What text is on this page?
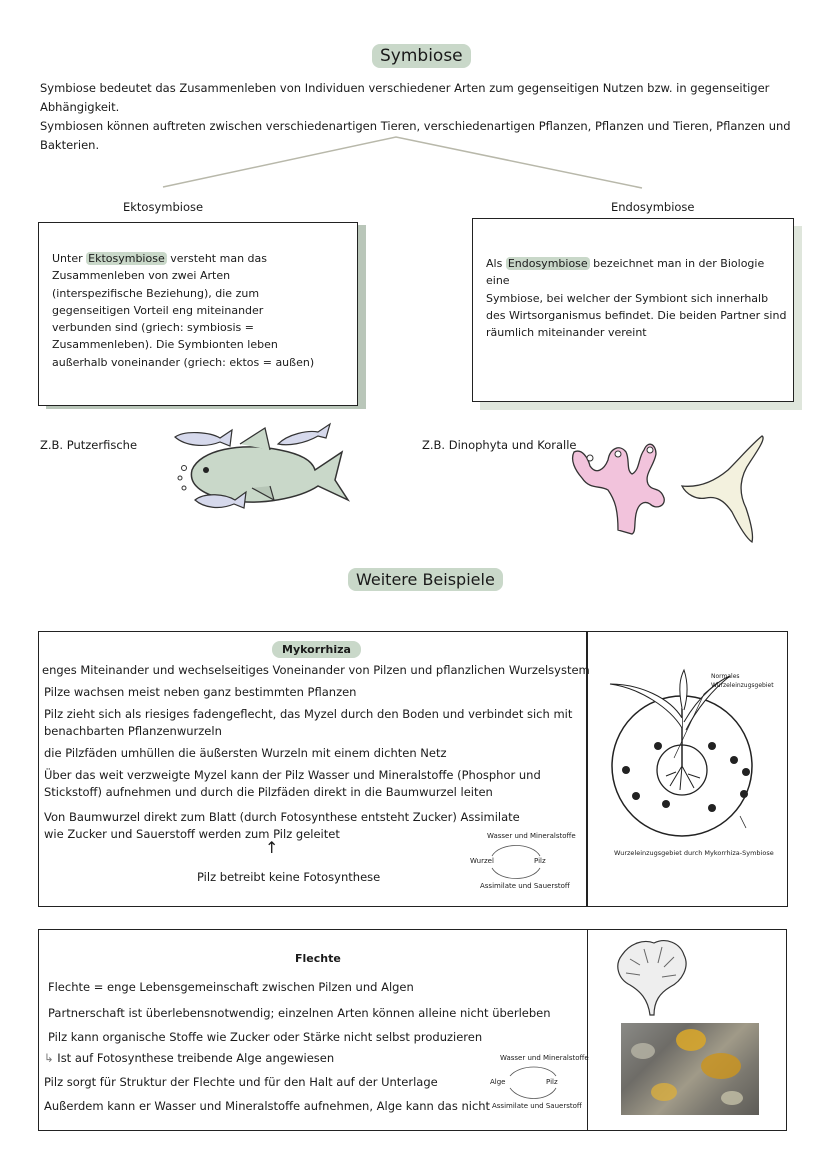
Symbiose

Symbiose bedeutet das Zusammenleben von Individuen verschiedener Arten zum gegenseitigen Nutzen bzw. in gegenseitiger Abhängigkeit.

Symbiosen können auftreten zwischen verschiedenartigen Tieren, verschiedenartigen Pflanzen, Pflanzen und Tieren, Pflanzen und

Bakterien.

Ektosymbiose	Endosymbiose
Unter Ektosymbiose versteht man das
Zusammenleben von zwei Arten
(interspezifische Beziehung), die zum
gegenseitigen Vorteil eng miteinander
verbunden sind (griech: symbiosis =
Zusammenleben). Die Symbionten leben
außerhalb voneinander (griech: ektos = außen)
Als Endosymbiose bezeichnet man in der Biologie eine
Symbiose, bei welcher der Symbiont sich innerhalb
des Wirtsorganismus befindet. Die beiden Partner sind
räumlich miteinander vereint
Z.B. Putzerfische	Z.B. Dinophyta und Koralle
Weitere Beispiele
Mykorrhiza
enges Miteinander und wechselseitiges Voneinander von Pilzen und pflanzlichen Wurzelsystem
Pilze wachsen meist neben ganz bestimmten Pflanzen
Pilz zieht sich als riesiges fadengeflecht, das Myzel durch den Boden und verbindet sich mit
benachbarten Pflanzenwurzeln
die Pilzfäden umhüllen die äußersten Wurzeln mit einem dichten Netz
Über das weit verzweigte Myzel kann der Pilz Wasser und Mineralstoffe (Phosphor und
Stickstoff) aufnehmen und durch die Pilzfäden direkt in die Baumwurzel leiten
Von Baumwurzel direkt zum Blatt (durch Fotosynthese entsteht Zucker) Assimilate
wie Zucker und Sauerstoff werden zum Pilz geleitet
↑
Pilz betreibt keine Fotosynthese
Wasser und Mineralstoffe
Wurzel	Pilz
Assimilate und Sauerstoff
Normales
Wurzeleinzugsgebiet
Wurzeleinzugsgebiet durch Mykorrhiza-Symbiose
Flechte
Flechte = enge Lebensgemeinschaft zwischen Pilzen und Algen
Partnerschaft ist überlebensnotwendig; einzelnen Arten können alleine nicht überleben
Pilz kann organische Stoffe wie Zucker oder Stärke nicht selbst produzieren
↳ Ist auf Fotosynthese treibende Alge angewiesen
Pilz sorgt für Struktur der Flechte und für den Halt auf der Unterlage
Außerdem kann er Wasser und Mineralstoffe aufnehmen, Alge kann das nicht
Wasser und Mineralstoffe
Alge	Pilz
Assimilate und Sauerstoff
